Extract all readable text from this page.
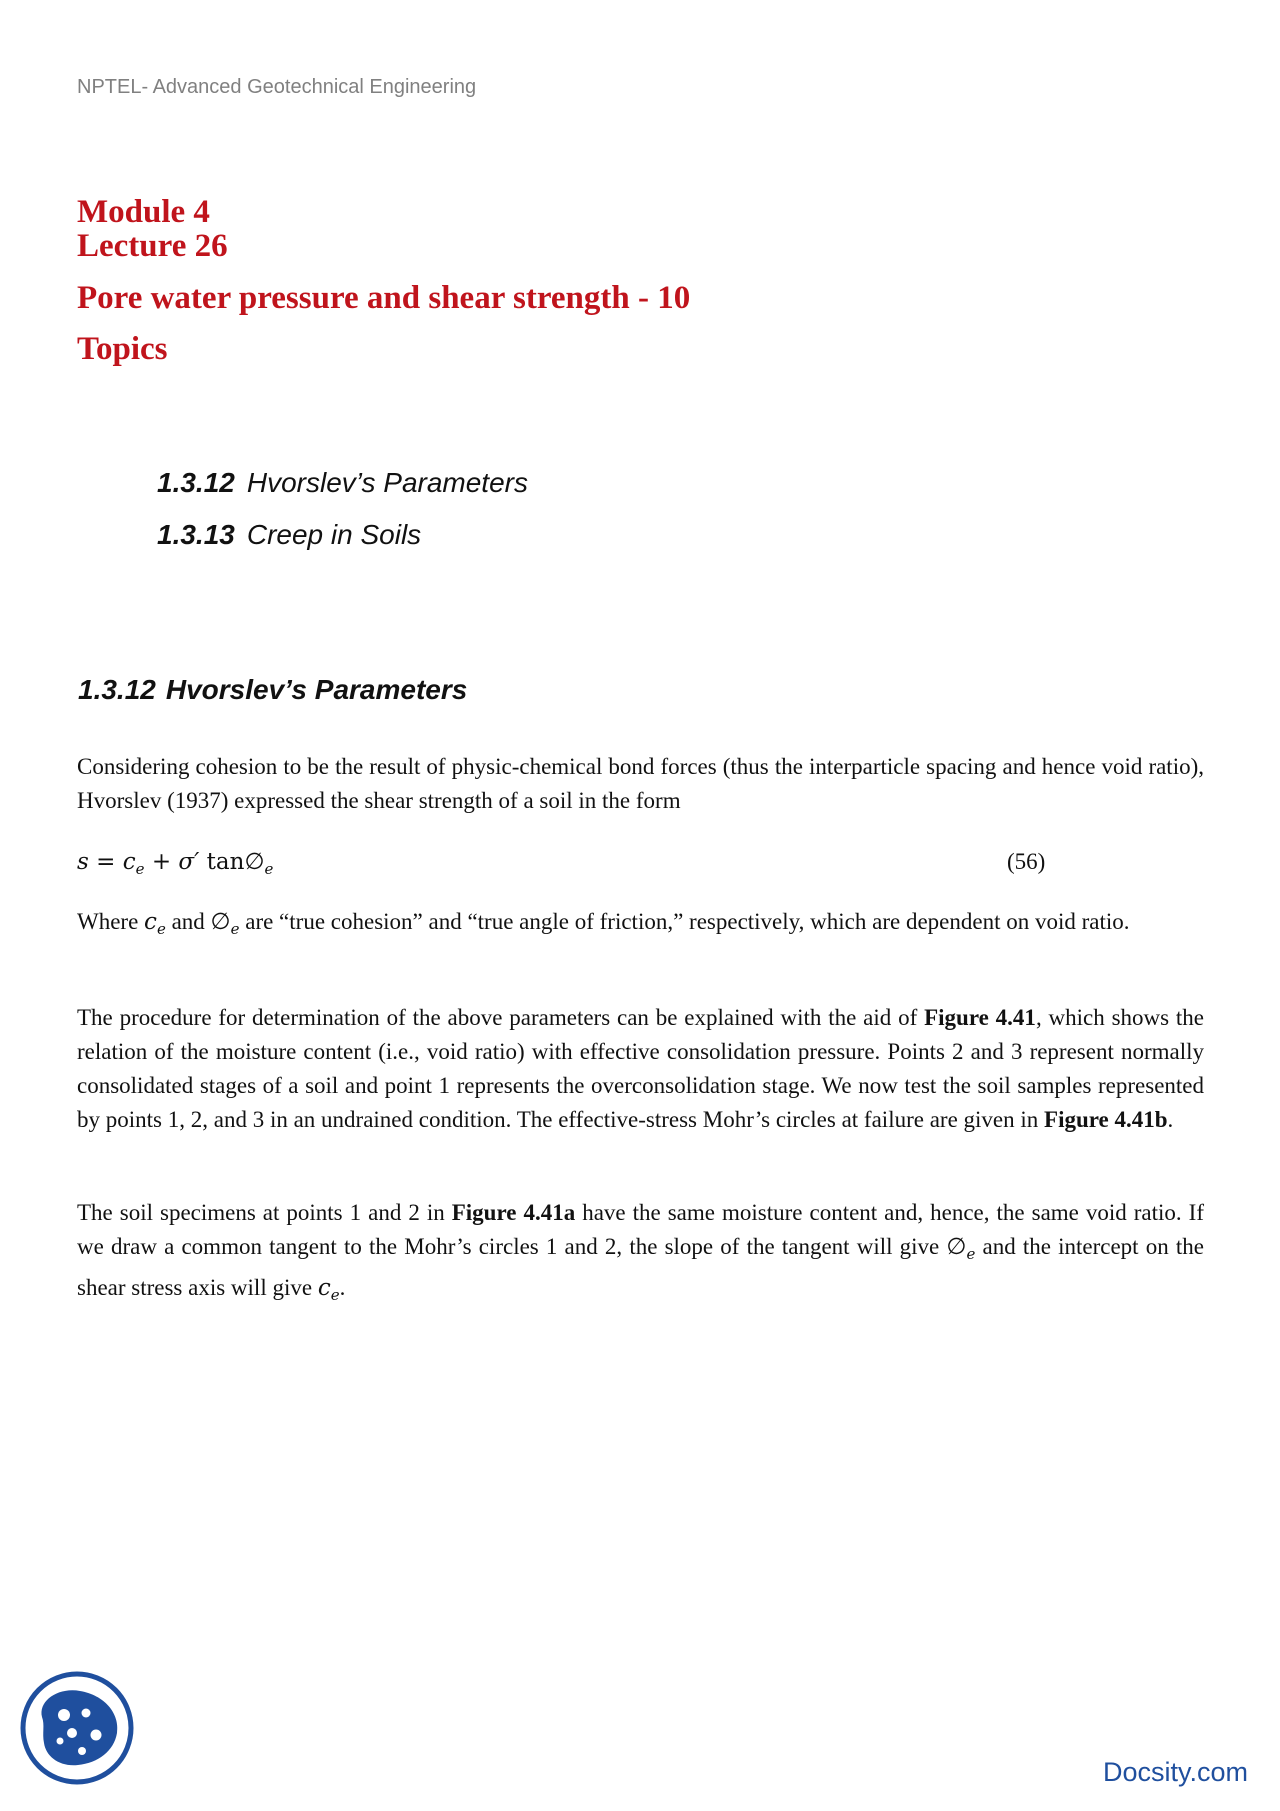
NPTEL- Advanced Geotechnical Engineering
Module 4
Lecture 26
Pore water pressure and shear strength - 10
Topics
1.3.12 Hvorslev’s Parameters
1.3.13 Creep in Soils
1.3.12 Hvorslev’s Parameters
Considering cohesion to be the result of physic-chemical bond forces (thus the interparticle spacing and hence void ratio), Hvorslev (1937) expressed the shear strength of a soil in the form
$s = c_e + \sigma'$ $\tan\emptyset_e$	(56)
Where $c_e$ and $\emptyset_e$ are “true cohesion” and “true angle of friction,” respectively, which are dependent on void ratio.
The procedure for determination of the above parameters can be explained with the aid of Figure 4.41, which shows the relation of the moisture content (i.e., void ratio) with effective consolidation pressure. Points 2 and 3 represent normally consolidated stages of a soil and point 1 represents the overconsolidation stage. We now test the soil samples represented by points 1, 2, and 3 in an undrained condition. The effective-stress Mohr’s circles at failure are given in Figure 4.41b.
The soil specimens at points 1 and 2 in Figure 4.41a have the same moisture content and, hence, the same void ratio. If we draw a common tangent to the Mohr’s circles 1 and 2, the slope of the tangent will give $\emptyset_e$ and the intercept on the shear stress axis will give $c_e$.
Docsity.com
